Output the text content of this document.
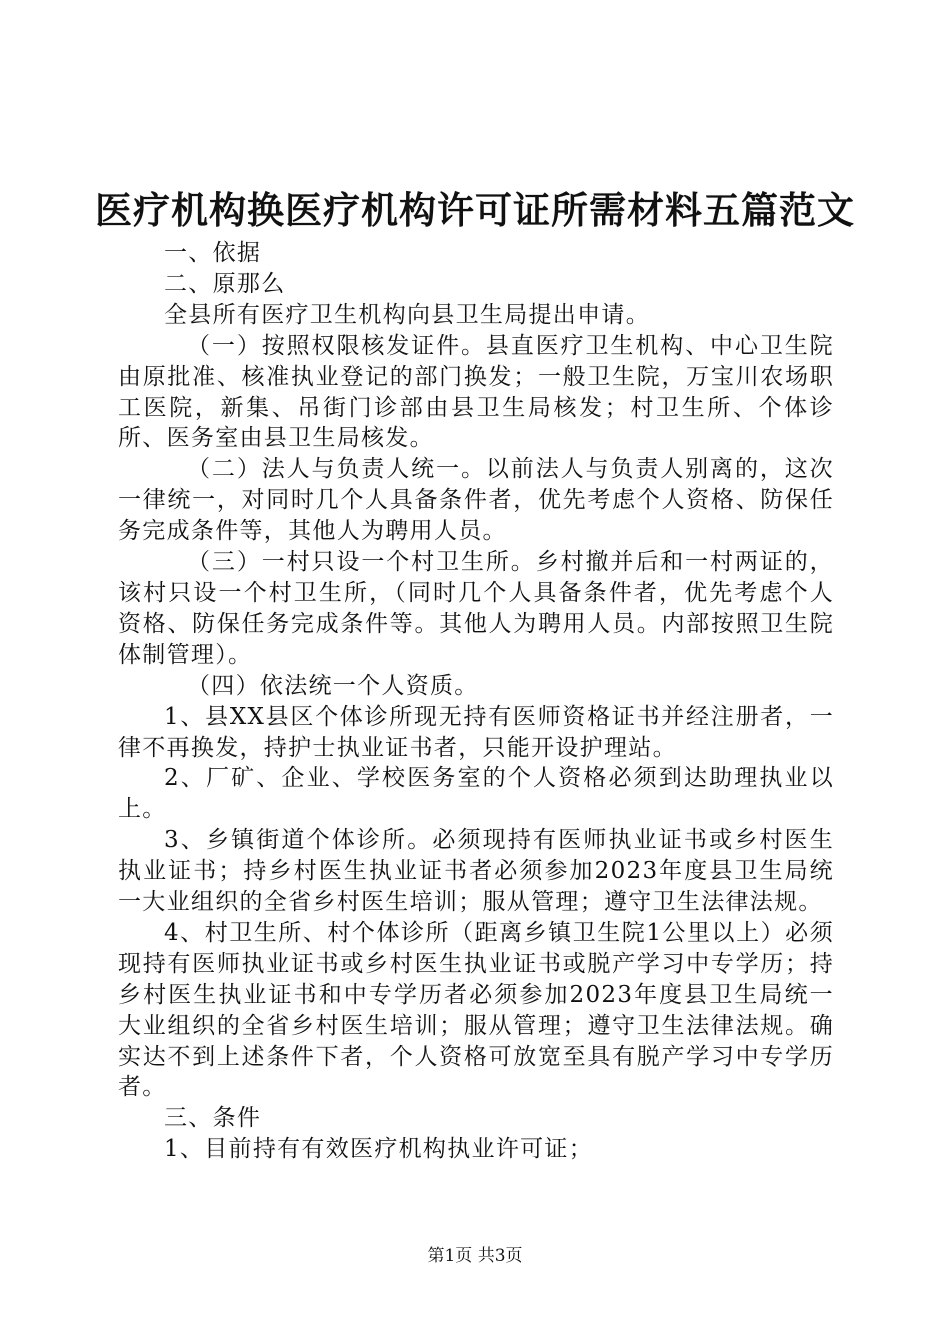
医疗机构换医疗机构许可证所需材料五篇范文

一、依据

二、原那么

全县所有医疗卫生机构向县卫生局提出申请。

（一）按照权限核发证件。县直医疗卫生机构、中心卫生院由原批准、核准执业登记的部门换发；一般卫生院，万宝川农场职工医院，新集、吊街门诊部由县卫生局核发；村卫生所、个体诊所、医务室由县卫生局核发。

（二）法人与负责人统一。以前法人与负责人别离的，这次一律统一，对同时几个人具备条件者，优先考虑个人资格、防保任务完成条件等，其他人为聘用人员。

（三）一村只设一个村卫生所。乡村撤并后和一村两证的，该村只设一个村卫生所，（同时几个人具备条件者，优先考虑个人资格、防保任务完成条件等。其他人为聘用人员。内部按照卫生院体制管理）。

（四）依法统一个人资质。

1、县XX县区个体诊所现无持有医师资格证书并经注册者，一律不再换发，持护士执业证书者，只能开设护理站。

2、厂矿、企业、学校医务室的个人资格必须到达助理执业以上。

3、乡镇街道个体诊所。必须现持有医师执业证书或乡村医生执业证书；持乡村医生执业证书者必须参加2023年度县卫生局统一大业组织的全省乡村医生培训；服从管理；遵守卫生法律法规。

4、村卫生所、村个体诊所（距离乡镇卫生院1公里以上）必须现持有医师执业证书或乡村医生执业证书或脱产学习中专学历；持乡村医生执业证书和中专学历者必须参加2023年度县卫生局统一大业组织的全省乡村医生培训；服从管理；遵守卫生法律法规。确实达不到上述条件下者，个人资格可放宽至具有脱产学习中专学历者。

三、条件

1、目前持有有效医疗机构执业许可证；

第1页 共3页
